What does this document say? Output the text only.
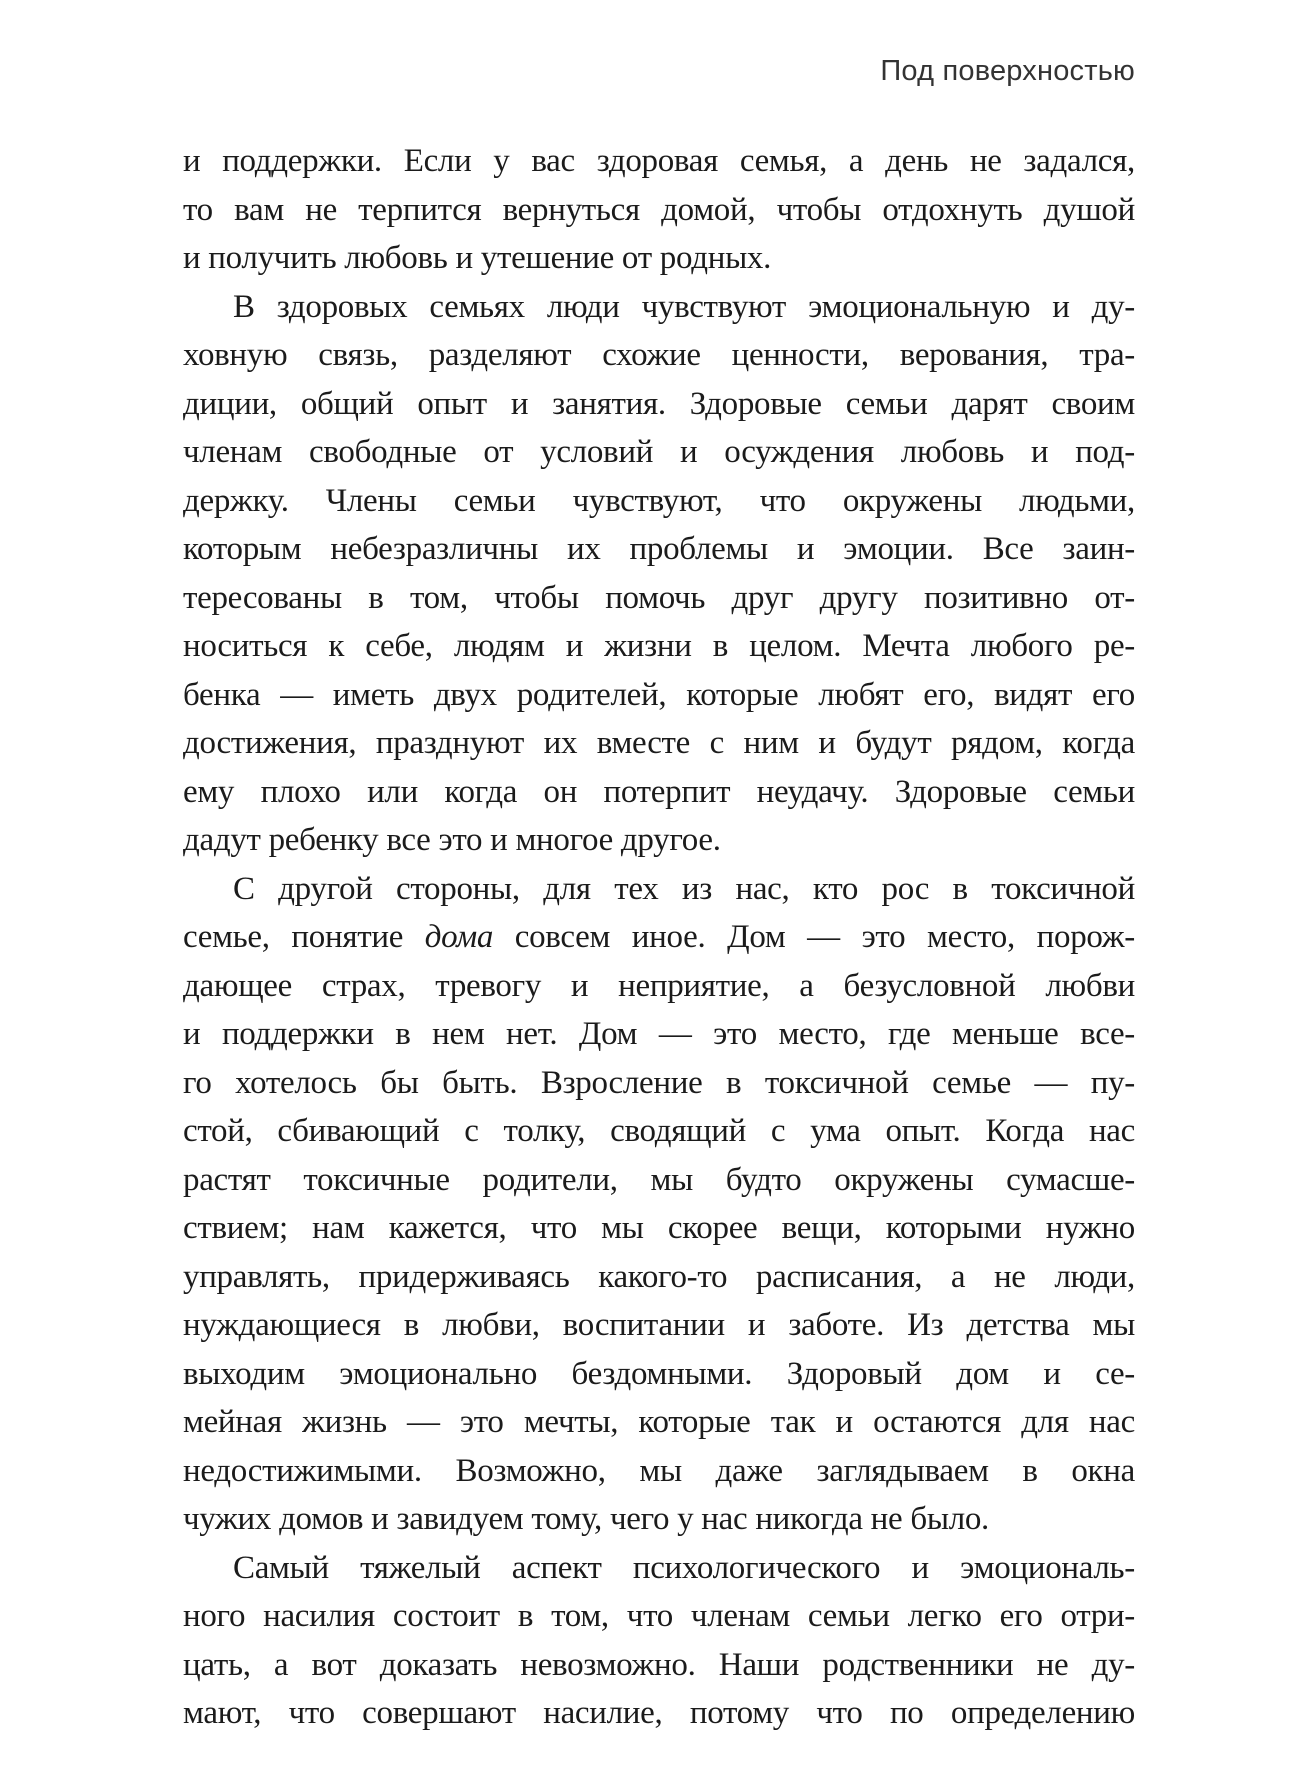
Под поверхностью
и поддержки. Если у вас здоровая семья, а день не задался,
то вам не терпится вернуться домой, чтобы отдохнуть душой
и получить любовь и утешение от родных.
В здоровых семьях люди чувствуют эмоциональную и ду-
ховную связь, разделяют схожие ценности, верования, тра-
диции, общий опыт и занятия. Здоровые семьи дарят своим
членам свободные от условий и осуждения любовь и под-
держку. Члены семьи чувствуют, что окружены людьми,
которым небезразличны их проблемы и эмоции. Все заин-
тересованы в том, чтобы помочь друг другу позитивно от-
носиться к себе, людям и жизни в целом. Мечта любого ре-
бенка — иметь двух родителей, которые любят его, видят его
достижения, празднуют их вместе с ним и будут рядом, когда
ему плохо или когда он потерпит неудачу. Здоровые семьи
дадут ребенку все это и многое другое.
С другой стороны, для тех из нас, кто рос в токсичной
семье, понятие дома совсем иное. Дом — это место, порож-
дающее страх, тревогу и неприятие, а безусловной любви
и поддержки в нем нет. Дом — это место, где меньше все-
го хотелось бы быть. Взросление в токсичной семье — пу-
стой, сбивающий с толку, сводящий с ума опыт. Когда нас
растят токсичные родители, мы будто окружены сумасше-
ствием; нам кажется, что мы скорее вещи, которыми нужно
управлять, придерживаясь какого-то расписания, а не люди,
нуждающиеся в любви, воспитании и заботе. Из детства мы
выходим эмоционально бездомными. Здоровый дом и се-
мейная жизнь — это мечты, которые так и остаются для нас
недостижимыми. Возможно, мы даже заглядываем в окна
чужих домов и завидуем тому, чего у нас никогда не было.
Самый тяжелый аспект психологического и эмоциональ-
ного насилия состоит в том, что членам семьи легко его отри-
цать, а вот доказать невозможно. Наши родственники не ду-
мают, что совершают насилие, потому что по определению
